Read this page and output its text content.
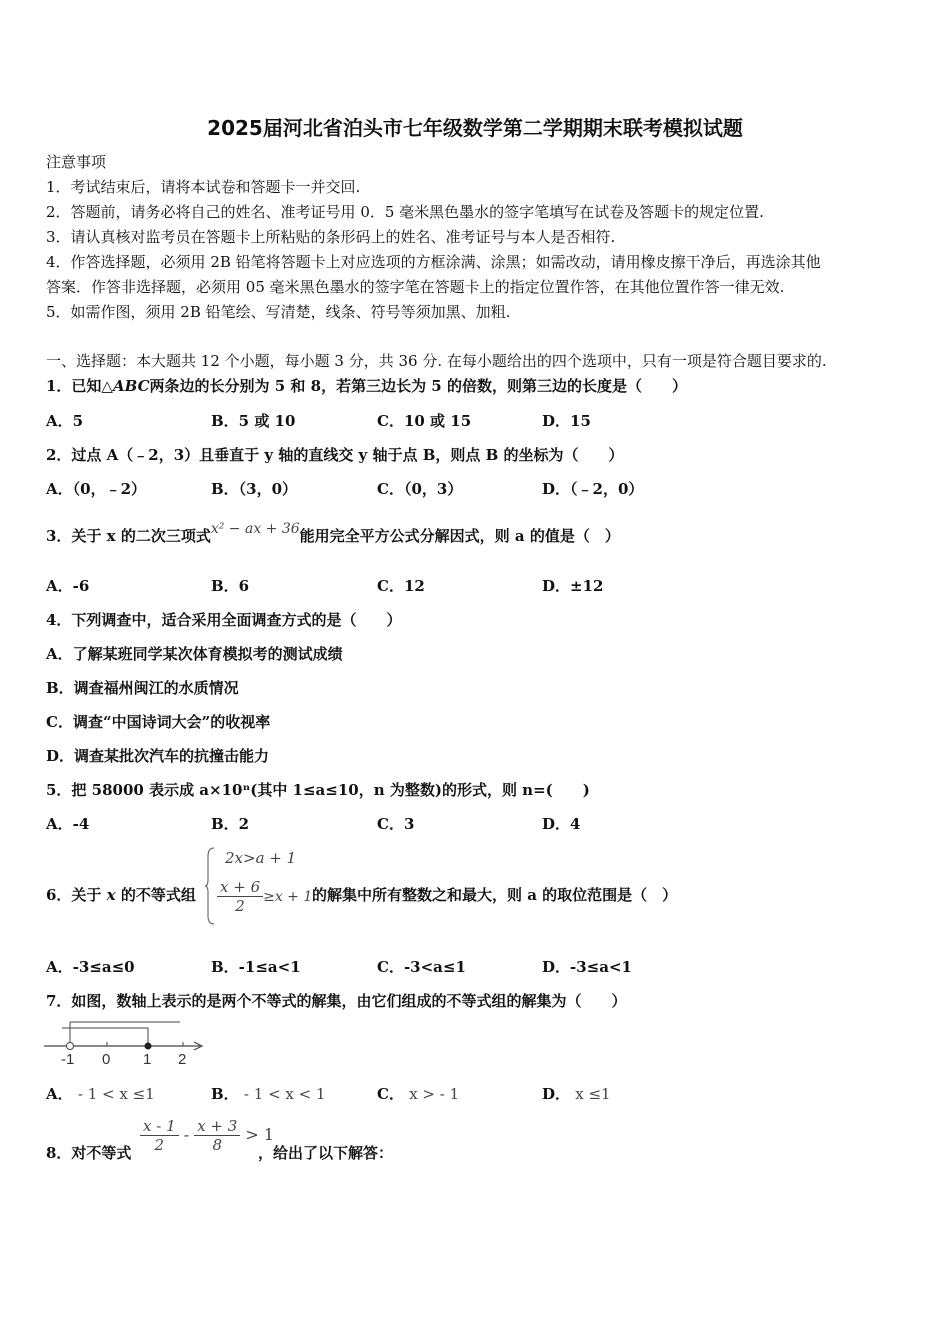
2025届河北省泊头市七年级数学第二学期期末联考模拟试题
注意事项
1．考试结束后，请将本试卷和答题卡一并交回.
2．答题前，请务必将自己的姓名、准考证号用 0．5 毫米黑色墨水的签字笔填写在试卷及答题卡的规定位置.
3．请认真核对监考员在答题卡上所粘贴的条形码上的姓名、准考证号与本人是否相符.
4．作答选择题，必须用 2B 铅笔将答题卡上对应选项的方框涂满、涂黑；如需改动，请用橡皮擦干净后，再选涂其他
答案．作答非选择题，必须用 05 毫米黑色墨水的签字笔在答题卡上的指定位置作答，在其他位置作答一律无效.
5．如需作图，须用 2B 铅笔绘、写清楚，线条、符号等须加黑、加粗.
一、选择题：本大题共 12 个小题，每小题 3 分，共 36 分. 在每小题给出的四个选项中，只有一项是符合题目要求的.
1．已知△ABC两条边的长分别为 5 和 8，若第三边长为 5 的倍数，则第三边的长度是（　　）
A．5	B．5 或 10	C．10 或 15	D．15
2．过点 A（﹣2，3）且垂直于 y 轴的直线交 y 轴于点 B，则点 B 的坐标为（　　）
A．（0，﹣2）	B．（3，0）	C．（0，3）	D．（﹣2，0）
3．关于 x 的二次三项式x² − ax + 36能用完全平方公式分解因式，则 a 的值是（　）
A．-6	B．6	C．12	D．±12
4．下列调查中，适合采用全面调查方式的是（　　）
A．了解某班同学某次体育模拟考的测试成绩
B．调查福州闽江的水质情况
C．调查“中国诗词大会”的收视率
D．调查某批次汽车的抗撞击能力
5．把 58000 表示成 a×10ⁿ(其中 1≤a≤10，n 为整数)的形式，则 n=(　　)
A．-4	B．2	C．3	D．4
6．关于 x 的不等式组
2x>a + 1
$\frac{x + 6}{2} \ge x + 1$ 的解集中所有整数之和最大，则 a 的取位范围是（　）
A．-3≤a≤0	B．-1≤a<1	C．-3<a≤1	D．-3≤a<1
7．如图，数轴上表示的是两个不等式的解集，由它们组成的不等式组的解集为（　　）
-1 0 1 2
A． - 1 < x ≤1	B． - 1 < x < 1	C． x > - 1	D． x ≤1
8．对不等式 $\frac{x - 1}{2} - \frac{x + 3}{8} > 1$
，给出了以下解答：
